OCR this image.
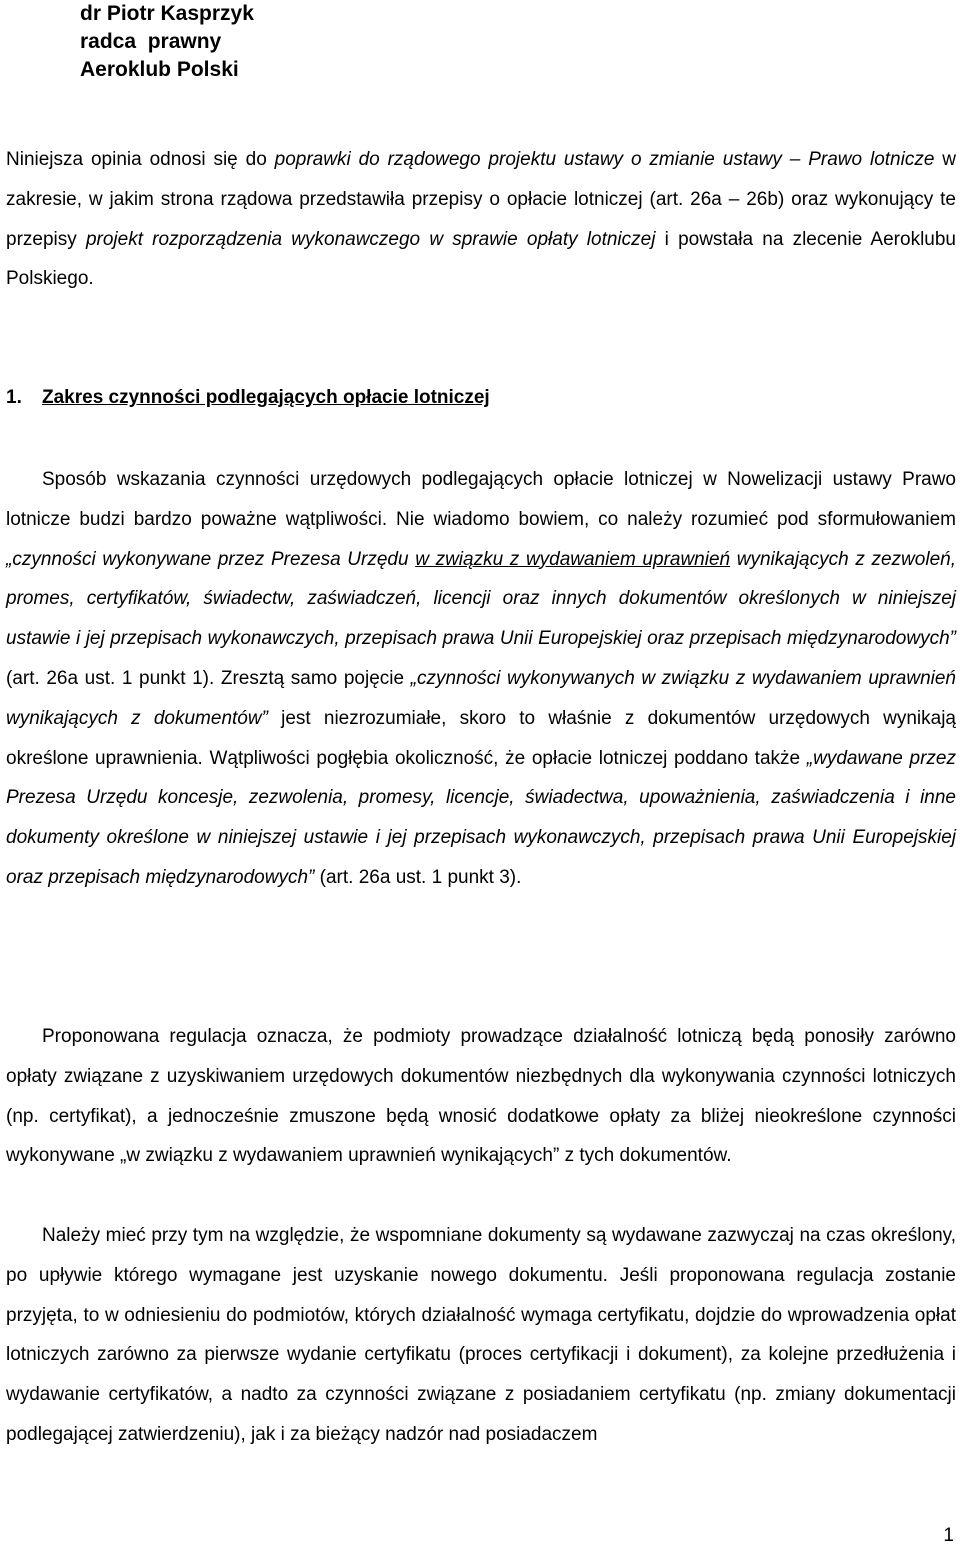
dr Piotr Kasprzyk
radca  prawny
Aeroklub Polski

Niniejsza opinia odnosi się do poprawki do rządowego projektu ustawy o zmianie ustawy – Prawo lotnicze w zakresie, w jakim strona rządowa przedstawiła przepisy o opłacie lotniczej (art. 26a – 26b) oraz wykonujący te przepisy projekt rozporządzenia wykonawczego w sprawie opłaty lotniczej i powstała na zlecenie Aeroklubu Polskiego.

1. Zakres czynności podlegających opłacie lotniczej

Sposób wskazania czynności urzędowych podlegających opłacie lotniczej w Nowelizacji ustawy Prawo lotnicze budzi bardzo poważne wątpliwości. Nie wiadomo bowiem, co należy rozumieć pod sformułowaniem „czynności wykonywane przez Prezesa Urzędu w związku z wydawaniem uprawnień wynikających z zezwoleń, promes, certyfikatów, świadectw, zaświadczeń, licencji oraz innych dokumentów określonych w niniejszej ustawie i jej przepisach wykonawczych, przepisach prawa Unii Europejskiej oraz przepisach międzynarodowych” (art. 26a ust. 1 punkt 1). Zresztą samo pojęcie „czynności wykonywanych w związku z wydawaniem uprawnień wynikających z dokumentów” jest niezrozumiałe, skoro to właśnie z dokumentów urzędowych wynikają określone uprawnienia. Wątpliwości pogłębia okoliczność, że opłacie lotniczej poddano także „wydawane przez Prezesa Urzędu koncesje, zezwolenia, promesy, licencje, świadectwa, upoważnienia, zaświadczenia i inne dokumenty określone w niniejszej ustawie i jej przepisach wykonawczych, przepisach prawa Unii Europejskiej oraz przepisach międzynarodowych” (art. 26a ust. 1 punkt 3).

Proponowana regulacja oznacza, że podmioty prowadzące działalność lotniczą będą ponosiły zarówno opłaty związane z uzyskiwaniem urzędowych dokumentów niezbędnych dla wykonywania czynności lotniczych (np. certyfikat), a jednocześnie zmuszone będą wnosić dodatkowe opłaty za bliżej nieokreślone czynności wykonywane „w związku z wydawaniem uprawnień wynikających” z tych dokumentów.

Należy mieć przy tym na względzie, że wspomniane dokumenty są wydawane zazwyczaj na czas określony, po upływie którego wymagane jest uzyskanie nowego dokumentu. Jeśli proponowana regulacja zostanie przyjęta, to w odniesieniu do podmiotów, których działalność wymaga certyfikatu, dojdzie do wprowadzenia opłat lotniczych zarówno za pierwsze wydanie certyfikatu (proces certyfikacji i dokument), za kolejne przedłużenia i wydawanie certyfikatów, a nadto za czynności związane z posiadaniem certyfikatu (np. zmiany dokumentacji podlegającej zatwierdzeniu), jak i za bieżący nadzór nad posiadaczem

1
